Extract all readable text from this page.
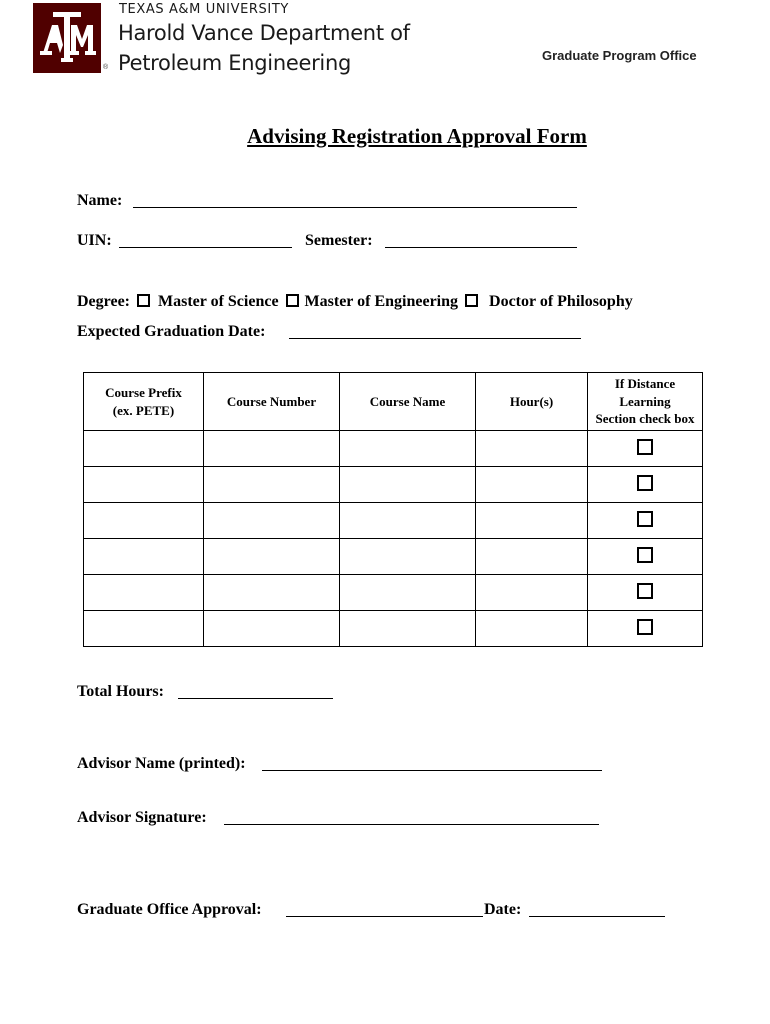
®
TEXAS A&M UNIVERSITY
Harold Vance Department of
Petroleum Engineering	Graduate Program Office
Advising Registration Approval Form
Name:
UIN:	Semester:
Degree: Master of Science Master of Engineering Doctor of Philosophy
Expected Graduation Date:
Course Prefix
(ex. PETE)	Course Number	Course Name	Hour(s)	If Distance
Learning
Section check box

Total Hours:
Advisor Name (printed):
Advisor Signature:
Graduate Office Approval:	Date:
